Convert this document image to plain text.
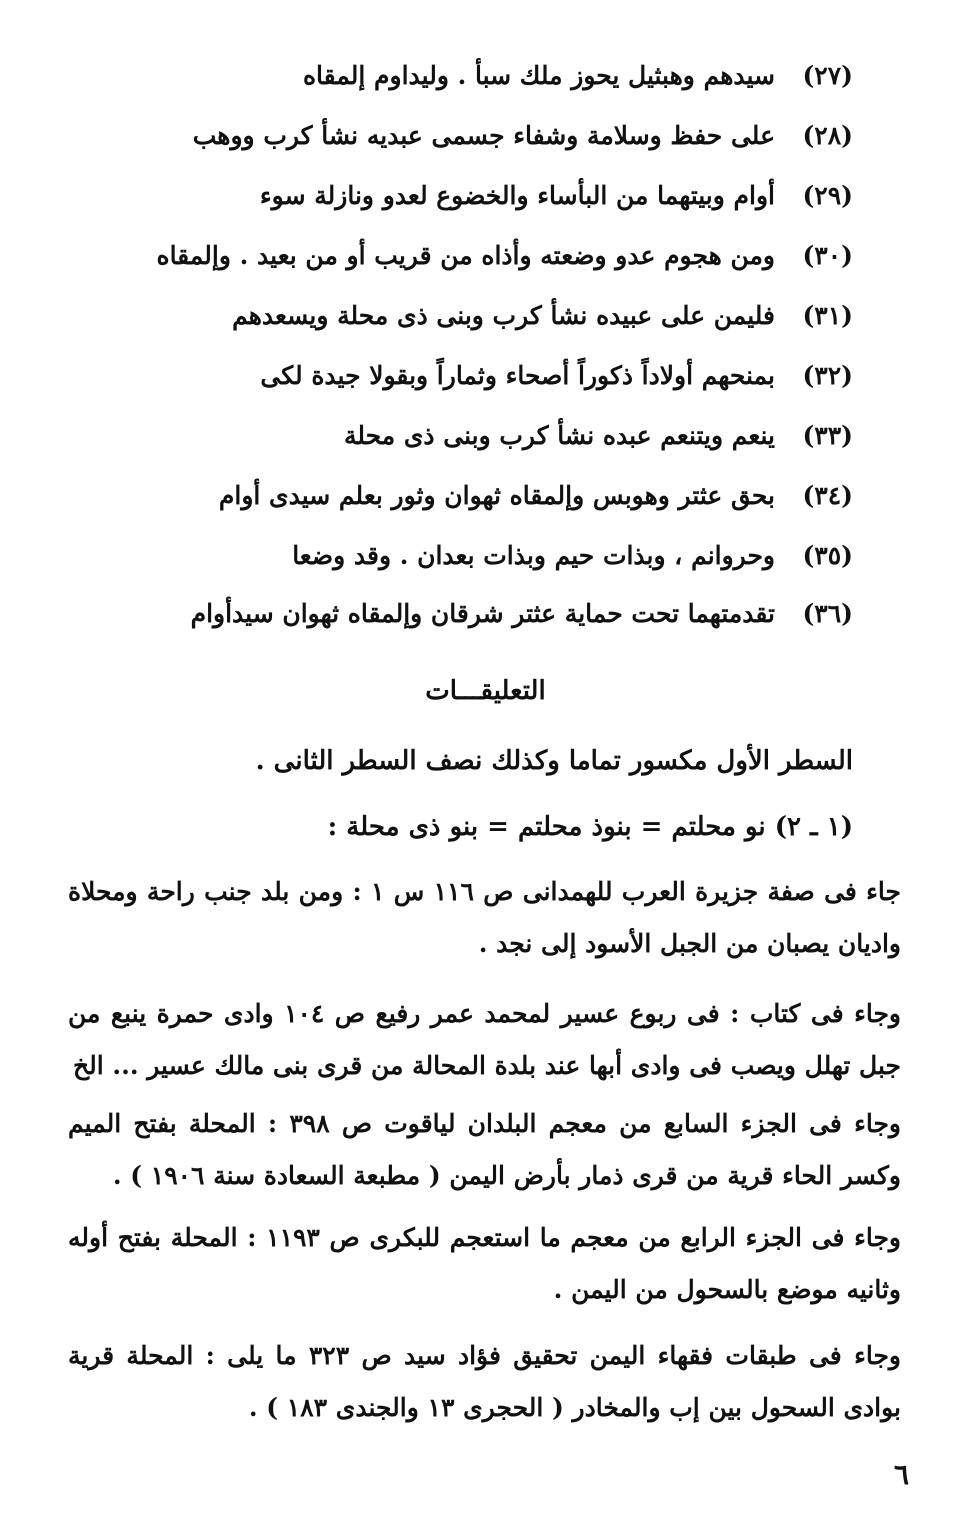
(٢٧)
سيدهم وهبثيل يحوز ملك سبأ . وليداوم إلمقاه
(٢٨)
على حفظ وسلامة وشفاء جسمى عبديه نشأ كرب ووهب
(٢٩)
أوام وبيتهما من البأساء والخضوع لعدو ونازلة سوء
(٣٠)
ومن هجوم عدو وضعته وأذاه من قريب أو من بعيد . وإلمقاه
(٣١)
فليمن على عبيده نشأ كرب وبنى ذى محلة ويسعدهم
(٣٢)
بمنحهم أولاداً ذكوراً أصحاء وثماراً وبقولا جيدة لكى
(٣٣)
ينعم ويتنعم عبده نشأ كرب وبنى ذى محلة
(٣٤)
بحق عثتر وهوبس وإلمقاه ثهوان وثور بعلم سيدى أوام
(٣٥)
وحروانم ، وبذات حيم وبذات بعدان . وقد وضعا
(٣٦)
تقدمتهما تحت حماية عثتر شرقان وإلمقاه ثهوان سيدأوام
التعليقـــات
السطر الأول مكسور تماما وكذلك نصف السطر الثانى .
(١ ـ ٢) نو محلتم = بنوذ محلتم = بنو ذى محلة :
جاء فى صفة جزيرة العرب للهمدانى ص ١١٦ س ١ : ومن بلد جنب راحة ومحلاة واديان يصبان من الجبل الأسود إلى نجد .
وجاء فى كتاب : فى ربوع عسير لمحمد عمر رفيع ص ١٠٤ وادى حمرة ينبع من جبل تهلل ويصب فى وادى أبها عند بلدة المحالة من قرى بنى مالك عسير ... الخ
وجاء فى الجزء السابع من معجم البلدان لياقوت ص ٣٩٨ : المحلة بفتح الميم وكسر الحاء قرية من قرى ذمار بأرض اليمن ( مطبعة السعادة سنة ١٩٠٦ ) .
وجاء فى الجزء الرابع من معجم ما استعجم للبكرى ص ١١٩٣ : المحلة بفتح أوله وثانيه موضع بالسحول من اليمن .
وجاء فى طبقات فقهاء اليمن تحقيق فؤاد سيد ص ٣٢٣ ما يلى : المحلة قرية بوادى السحول بين إب والمخادر ( الحجرى ١٣ والجندى ١٨٣ ) .
٦
